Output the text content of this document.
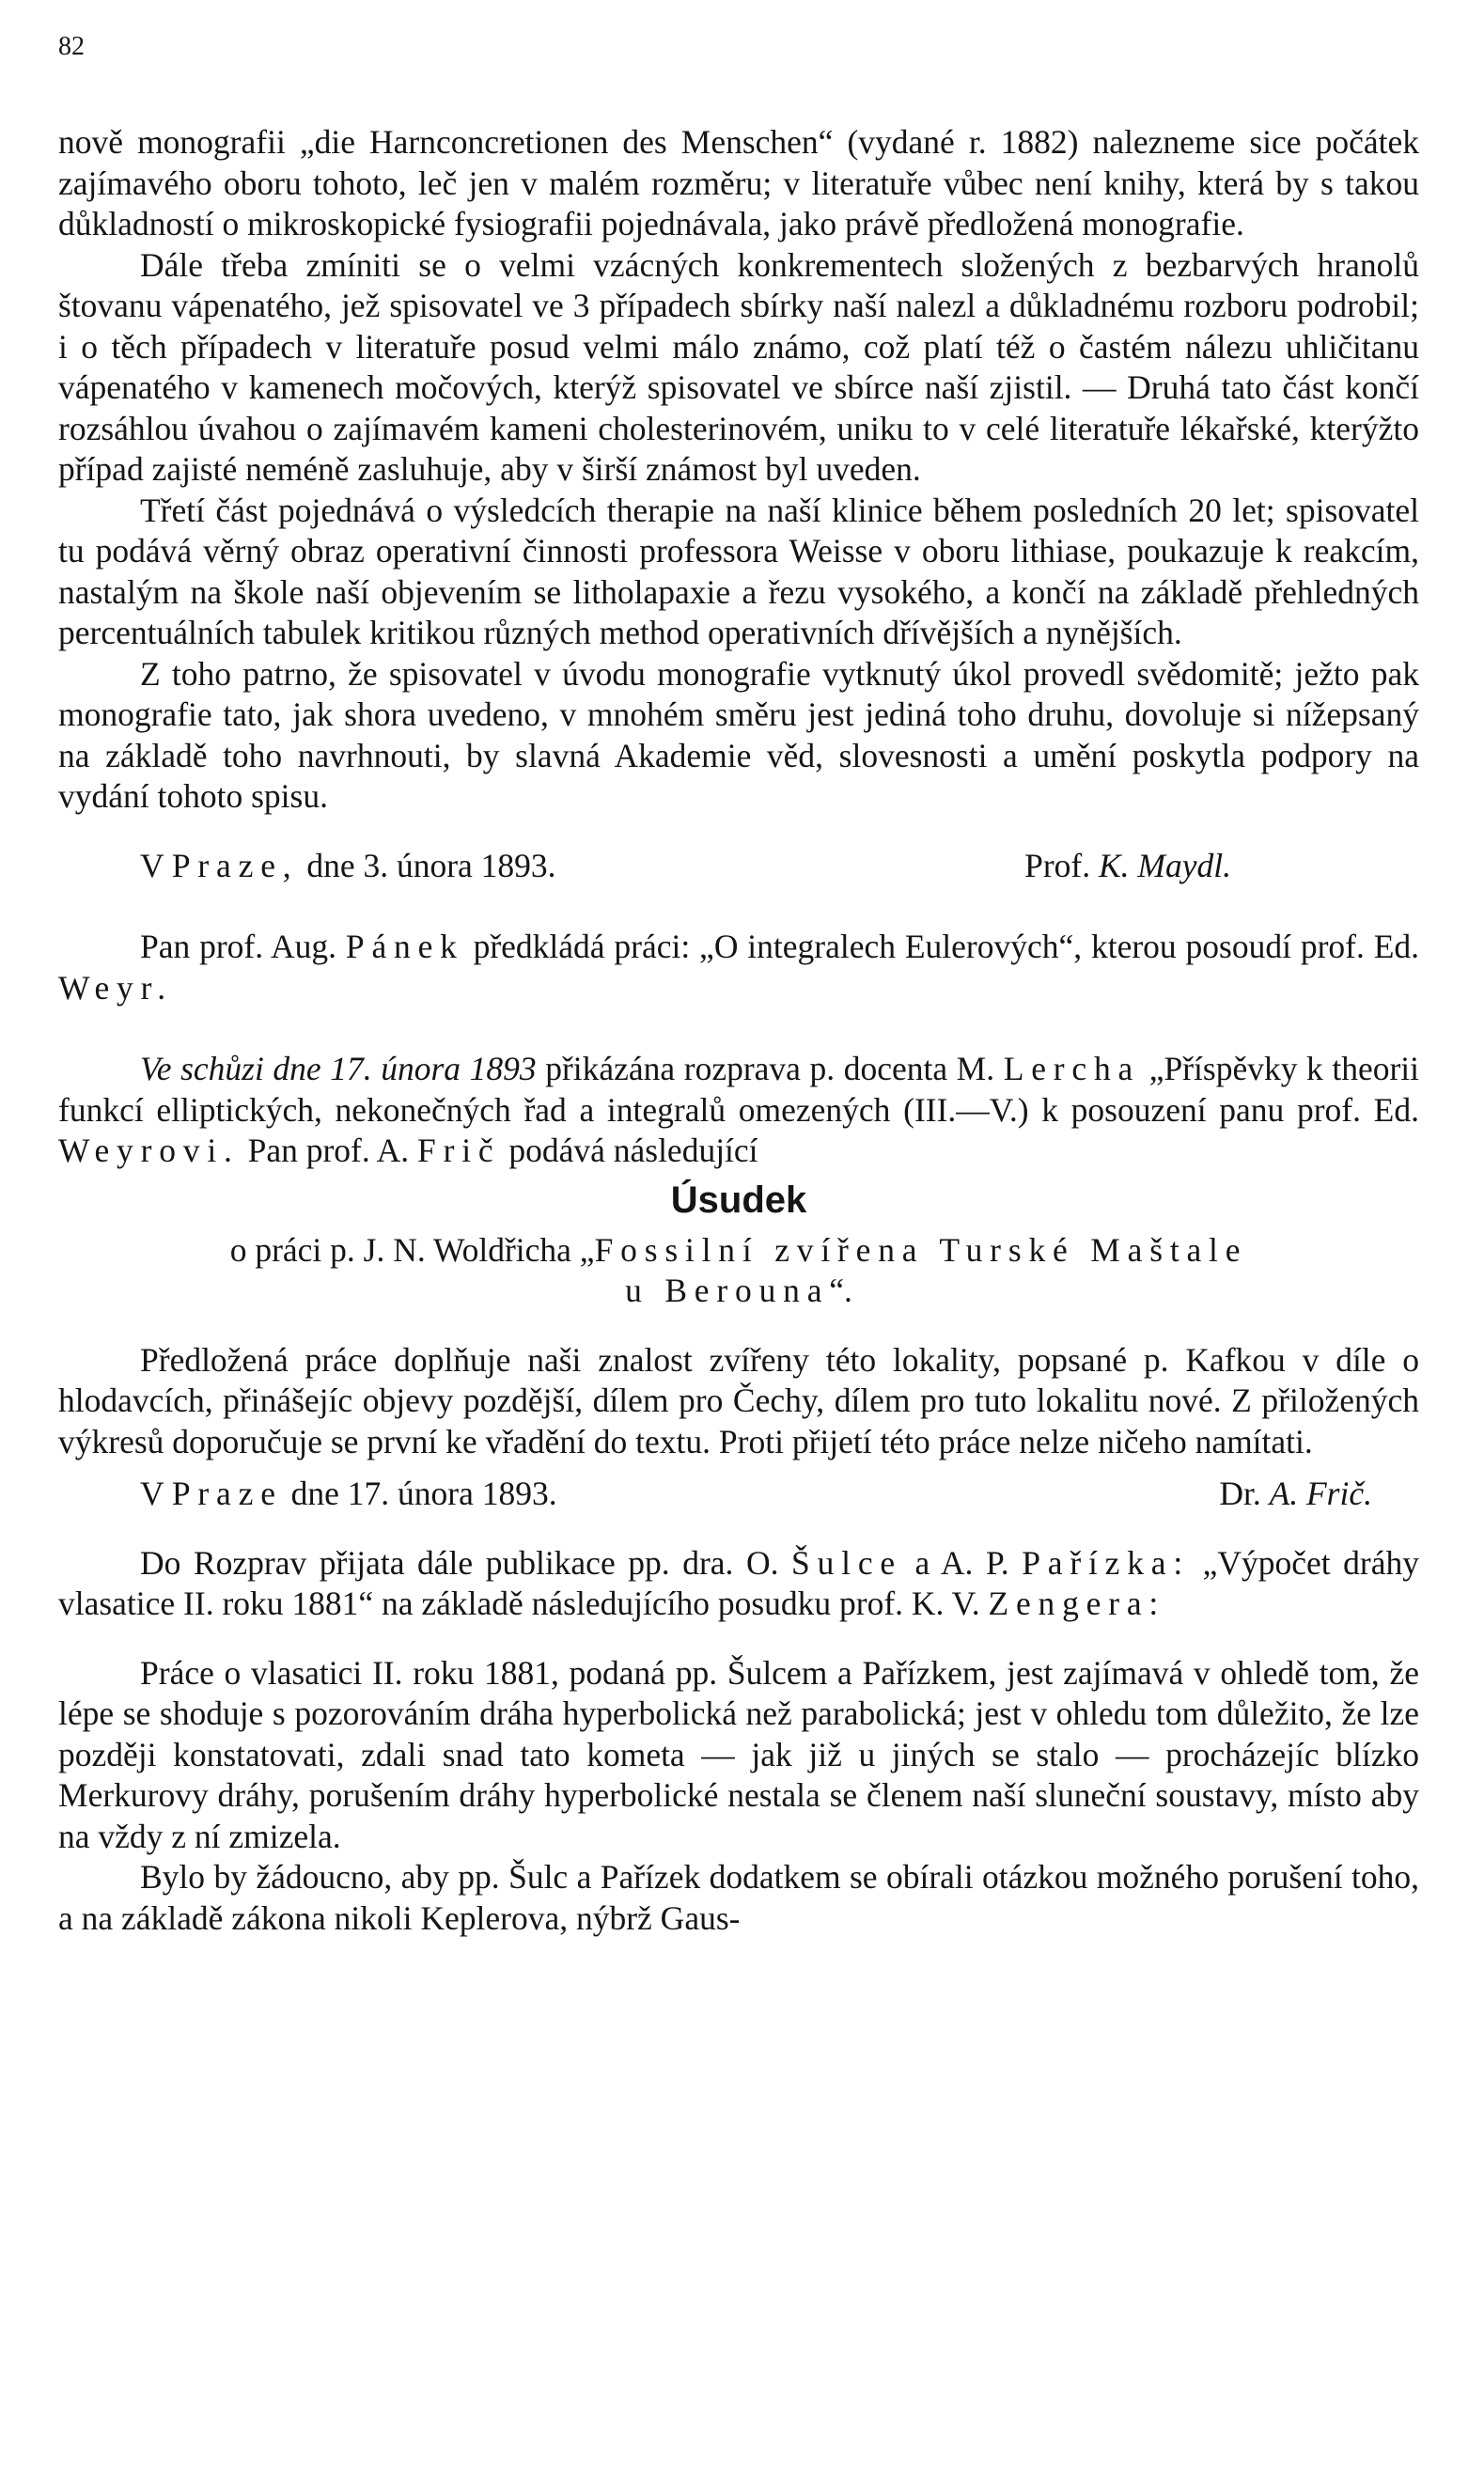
82

nově monografii „die Harnconcretionen des Menschen“ (vydané r. 1882) nalezneme sice počátek zajímavého oboru tohoto, leč jen v malém rozměru; v literatuře vůbec není knihy, která by s takou důkladností o mikroskopické fysiografii pojednávala, jako právě předložená monografie.

Dále třeba zmíniti se o velmi vzácných konkrementech složených z bezbarvých hranolů štovanu vápenatého, jež spisovatel ve 3 případech sbírky naší nalezl a důkladnému rozboru podrobil; i o těch případech v literatuře posud velmi málo známo, což platí též o častém nálezu uhličitanu vápenatého v kamenech močových, kterýž spisovatel ve sbírce naší zjistil. — Druhá tato část končí rozsáhlou úvahou o zajímavém kameni cholesterinovém, uniku to v celé literatuře lékařské, kterýžto případ zajisté neméně zasluhuje, aby v širší známost byl uveden.

Třetí část pojednává o výsledcích therapie na naší klinice během posledních 20 let; spisovatel tu podává věrný obraz operativní činnosti professora Weisse v oboru lithiase, poukazuje k reakcím, nastalým na škole naší objevením se litholapaxie a řezu vysokého, a končí na základě přehledných percentuálních tabulek kritikou různých method operativních dřívějších a nynějších.

Z toho patrno, že spisovatel v úvodu monografie vytknutý úkol provedl svědomitě; ježto pak monografie tato, jak shora uvedeno, v mnohém směru jest jediná toho druhu, dovoluje si nížepsaný na základě toho navrhnouti, by slavná Akademie věd, slovesnosti a umění poskytla podpory na vydání tohoto spisu.

V Praze, dne 3. února 1893.	Prof. K. Maydl.

Pan prof. Aug. Pánek předkládá práci: „O integralech Eulerových“, kterou posoudí prof. Ed. Weyr.

Ve schůzi dne 17. února 1893 přikázána rozprava p. docenta M. Lercha „Příspěvky k theorii funkcí elliptických, nekonečných řad a integralů omezených (III.—V.) k posouzení panu prof. Ed. Weyrovi. Pan prof. A. Frič podává následující

Úsudek
o práci p. J. N. Woldřicha „Fossilní zvířena Turské Maštale
u Berouna“.

Předložená práce doplňuje naši znalost zvířeny této lokality, popsané p. Kafkou v díle o hlodavcích, přinášejíc objevy pozdější, dílem pro Čechy, dílem pro tuto lokalitu nové. Z přiložených výkresů doporučuje se první ke vřadění do textu. Proti přijetí této práce nelze ničeho namítati.

V Praze dne 17. února 1893.	Dr. A. Frič.

Do Rozprav přijata dále publikace pp. dra. O. Šulce a A. P. Pařízka: „Výpočet dráhy vlasatice II. roku 1881“ na základě následujícího posudku prof. K. V. Zengera:

Práce o vlasatici II. roku 1881, podaná pp. Šulcem a Pařízkem, jest zajímavá v ohledě tom, že lépe se shoduje s pozorováním dráha hyperbolická než parabolická; jest v ohledu tom důležito, že lze později konstatovati, zdali snad tato kometa — jak již u jiných se stalo — procházejíc blízko Merkurovy dráhy, porušením dráhy hyperbolické nestala se členem naší sluneční soustavy, místo aby na vždy z ní zmizela.

Bylo by žádoucno, aby pp. Šulc a Pařízek dodatkem se obírali otázkou možného porušení toho, a na základě zákona nikoli Keplerova, nýbrž Gaus-
